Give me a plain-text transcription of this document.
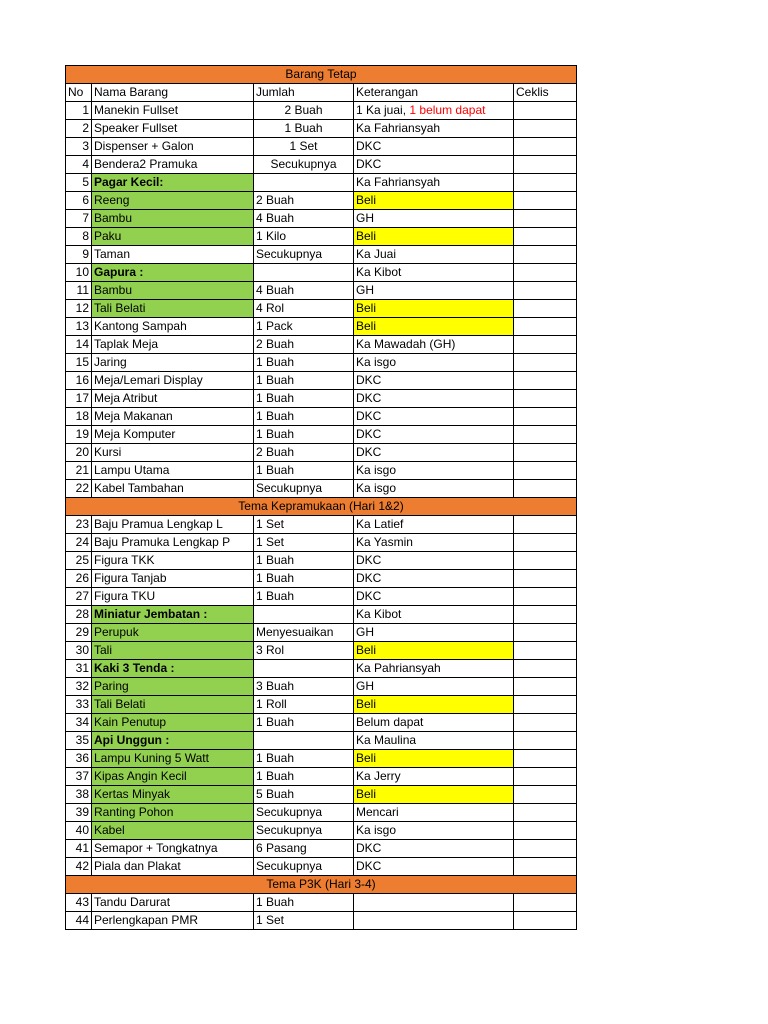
Barang Tetap				
No	Nama Barang	Jumlah	Keterangan	Ceklis
1	Manekin Fullset	2 Buah	1 Ka juai, 1 belum dapat	
2	Speaker Fullset	1 Buah	Ka Fahriansyah	
3	Dispenser + Galon	1 Set	DKC	
4	Bendera2 Pramuka	Secukupnya	DKC	
5	Pagar Kecil:		Ka Fahriansyah	
6	Reeng	2 Buah	Beli	
7	Bambu	4 Buah	GH	
8	Paku	1 Kilo	Beli	
9	Taman	Secukupnya	Ka Juai	
10	Gapura :		Ka Kibot	
11	Bambu	4 Buah	GH	
12	Tali Belati	4 Rol	Beli	
13	Kantong Sampah	1 Pack	Beli	
14	Taplak Meja	2 Buah	Ka Mawadah (GH)	
15	Jaring	1 Buah	Ka isgo	
16	Meja/Lemari Display	1 Buah	DKC	
17	Meja Atribut	1 Buah	DKC	
18	Meja Makanan	1 Buah	DKC	
19	Meja Komputer	1 Buah	DKC	
20	Kursi	2 Buah	DKC	
21	Lampu Utama	1 Buah	Ka isgo	
22	Kabel Tambahan	Secukupnya	Ka isgo	
Tema Kepramukaan (Hari 1&2)				
23	Baju Pramua Lengkap L	1 Set	Ka Latief	
24	Baju Pramuka Lengkap P	1 Set	Ka Yasmin	
25	Figura TKK	1 Buah	DKC	
26	Figura Tanjab	1 Buah	DKC	
27	Figura TKU	1 Buah	DKC	
28	Miniatur Jembatan :		Ka Kibot	
29	Perupuk	Menyesuaikan	GH	
30	Tali	3 Rol	Beli	
31	Kaki 3 Tenda :		Ka Pahriansyah	
32	Paring	3 Buah	GH	
33	Tali Belati	1 Roll	Beli	
34	Kain Penutup	1 Buah	Belum dapat	
35	Api Unggun :		Ka Maulina	
36	Lampu Kuning 5 Watt	1 Buah	Beli	
37	Kipas Angin Kecil	1 Buah	Ka Jerry	
38	Kertas Minyak	5 Buah	Beli	
39	Ranting Pohon	Secukupnya	Mencari	
40	Kabel	Secukupnya	Ka isgo	
41	Semapor + Tongkatnya	6 Pasang	DKC	
42	Piala dan Plakat	Secukupnya	DKC	
Tema P3K (Hari 3-4)				
43	Tandu Darurat	1 Buah		
44	Perlengkapan PMR	1 Set		
